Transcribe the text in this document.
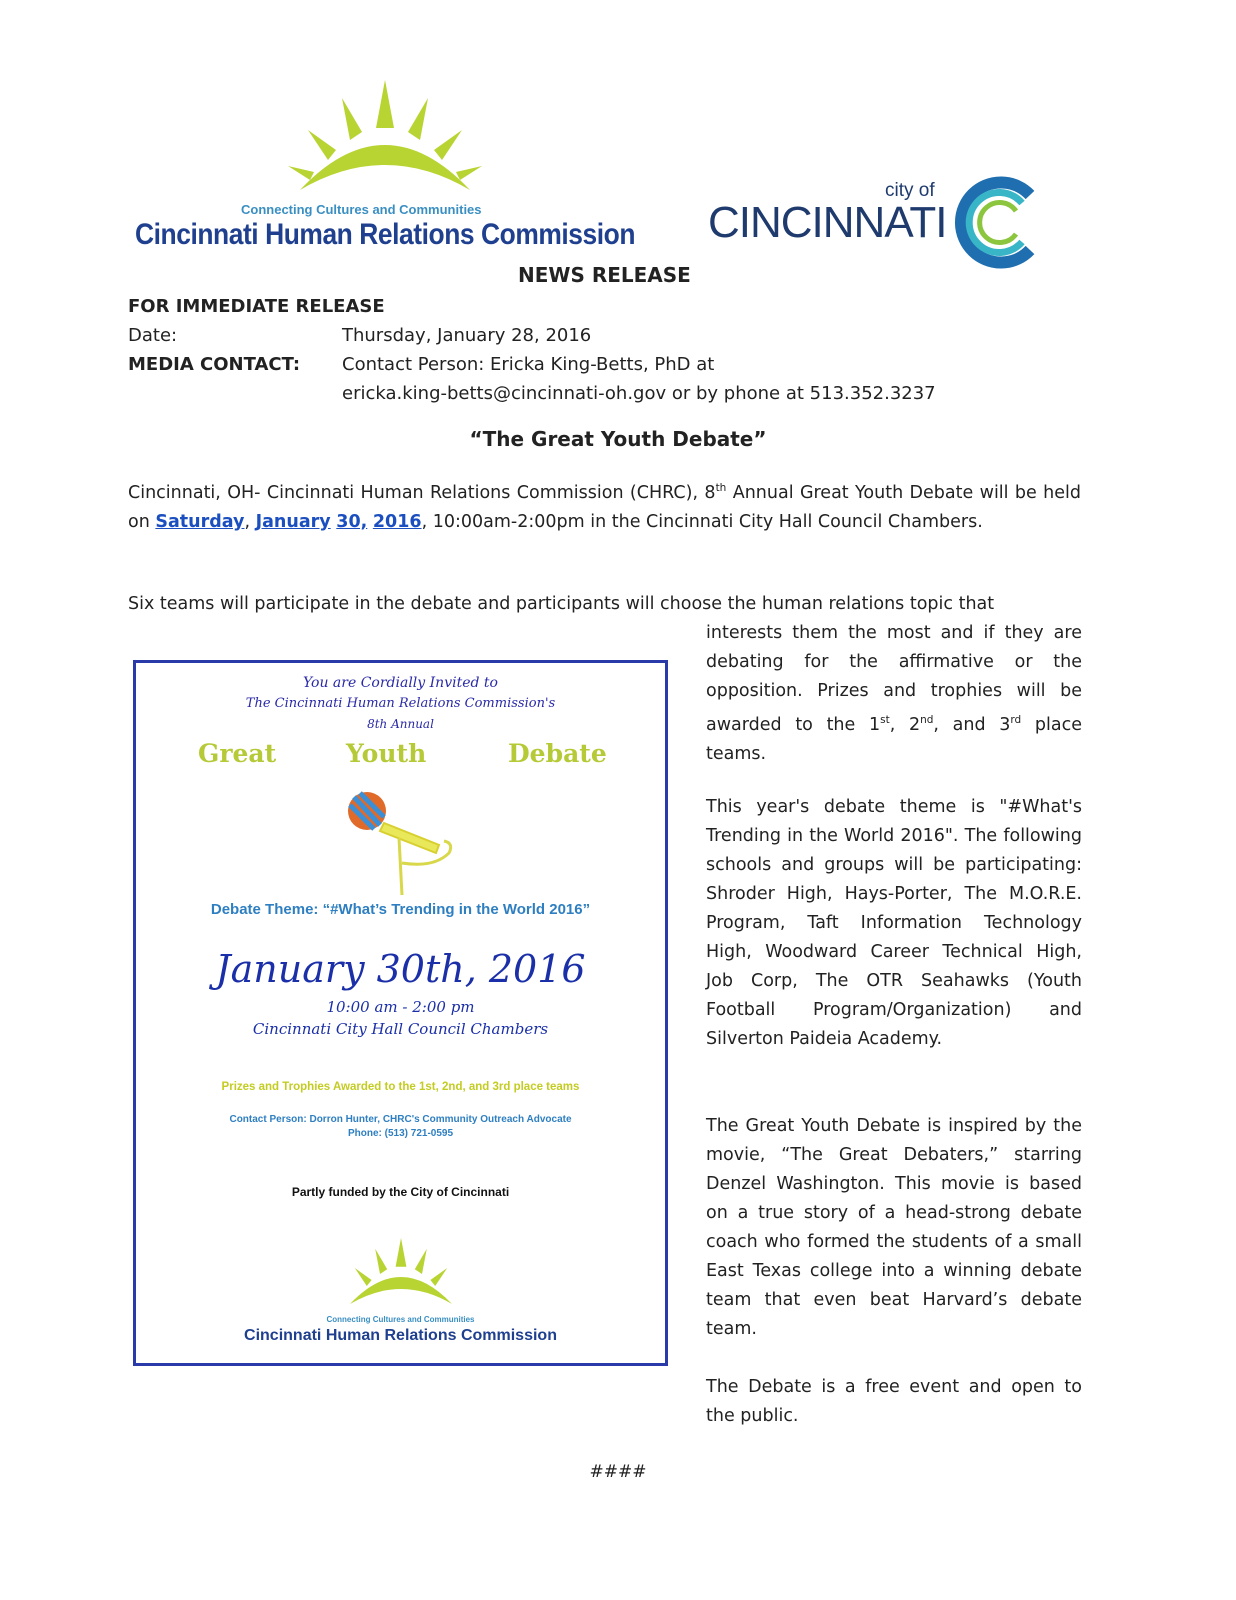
Connecting Cultures and Communities
Cincinnati Human Relations Commission
city of
CINCINNATI
NEWS RELEASE
FOR IMMEDIATE RELEASE
Date:	Thursday, January 28, 2016
MEDIA CONTACT: Contact Person: Ericka King-Betts, PhD at
ericka.king-betts@cincinnati-oh.gov or by phone at 513.352.3237
“The Great Youth Debate”
Cincinnati, OH- Cincinnati Human Relations Commission (CHRC), 8th Annual Great Youth Debate will be held on Saturday, January 30, 2016, 10:00am-2:00pm in the Cincinnati City Hall Council Chambers.
Six teams will participate in the debate and participants will choose the human relations topic that
interests them the most and if they are debating for the affirmative or the opposition. Prizes and trophies will be awarded to the 1st, 2nd, and 3rd place teams.
This year's debate theme is "#What's Trending in the World 2016". The following schools and groups will be participating: Shroder High, Hays-Porter, The M.O.R.E. Program, Taft Information Technology High, Woodward Career Technical High, Job Corp, The OTR Seahawks (Youth Football Program/Organization) and Silverton Paideia Academy.
The Great Youth Debate is inspired by the movie, “The Great Debaters,” starring Denzel Washington. This movie is based on a true story of a head-strong debate coach who formed the students of a small East Texas college into a winning debate team that even beat Harvard’s debate team.
The Debate is a free event and open to the public.
####
You are Cordially Invited to
The Cincinnati Human Relations Commission's
8th Annual
Great	Youth	Debate
Debate Theme: “#What’s Trending in the World 2016”
January 30th, 2016
10:00 am - 2:00 pm
Cincinnati City Hall Council Chambers
Prizes and Trophies Awarded to the 1st, 2nd, and 3rd place teams
Contact Person: Dorron Hunter, CHRC's Community Outreach Advocate
Phone: (513) 721-0595
Partly funded by the City of Cincinnati
Connecting Cultures and Communities
Cincinnati Human Relations Commission
